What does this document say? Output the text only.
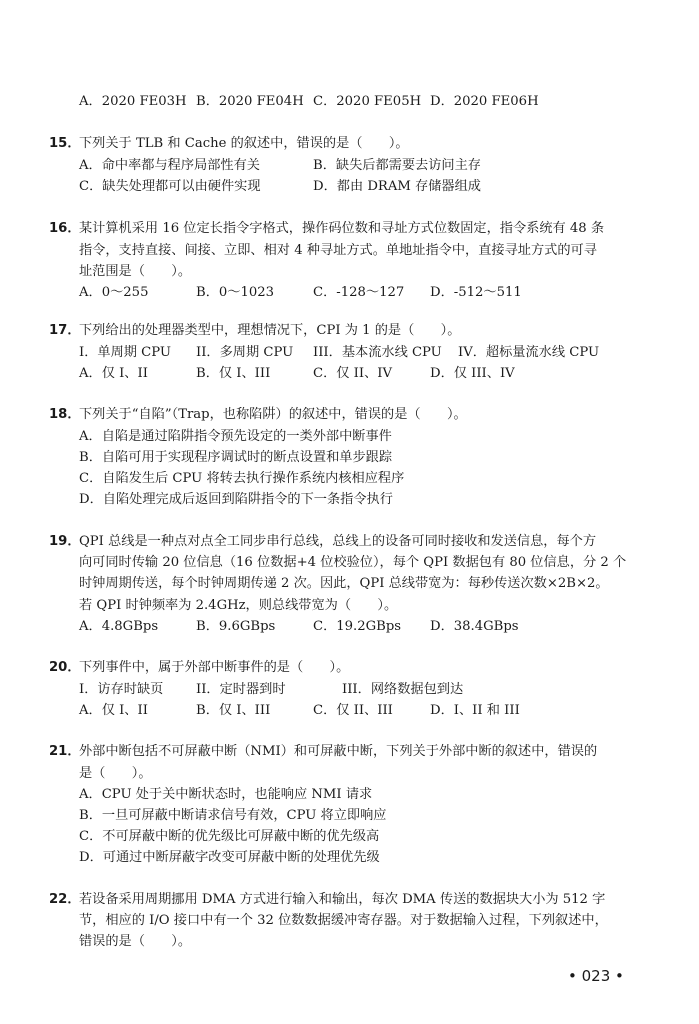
A．2020 FE03H B．2020 FE04H C．2020 FE05H D．2020 FE06H
15．
下列关于 TLB 和 Cache 的叙述中，错误的是（　　）。
A．命中率都与程序局部性有关	B．缺失后都需要去访问主存
C．缺失处理都可以由硬件实现	D．都由 DRAM 存储器组成
16．
某计算机采用 16 位定长指令字格式，操作码位数和寻址方式位数固定，指令系统有 48 条
指令，支持直接、间接、立即、相对 4 种寻址方式。单地址指令中，直接寻址方式的可寻
址范围是（　　）。
A．0～255	B．0～1023	C．-128～127 D．-512～511
17．
下列给出的处理器类型中，理想情况下，CPI 为 1 的是（　　）。
I．单周期 CPU II．多周期 CPU III．基本流水线 CPU IV．超标量流水线 CPU
A．仅 I、II	B．仅 I、III	C．仅 II、IV	D．仅 III、IV
18．
下列关于“自陷”（Trap，也称陷阱）的叙述中，错误的是（　　）。
A．自陷是通过陷阱指令预先设定的一类外部中断事件
B．自陷可用于实现程序调试时的断点设置和单步跟踪
C．自陷发生后 CPU 将转去执行操作系统内核相应程序
D．自陷处理完成后返回到陷阱指令的下一条指令执行
19．
QPI 总线是一种点对点全工同步串行总线，总线上的设备可同时接收和发送信息，每个方
向可同时传输 20 位信息（16 位数据+4 位校验位），每个 QPI 数据包有 80 位信息，分 2 个
时钟周期传送，每个时钟周期传递 2 次。因此，QPI 总线带宽为：每秒传送次数×2B×2。
若 QPI 时钟频率为 2.4GHz，则总线带宽为（　　）。
A．4.8GBps	B．9.6GBps	C．19.2GBps D．38.4GBps
20．
下列事件中，属于外部中断事件的是（　　）。
I．访存时缺页 II．定时器到时	III．网络数据包到达
A．仅 I、II	B．仅 I、III	C．仅 II、III	D．I、II 和 III
21．
外部中断包括不可屏蔽中断（NMI）和可屏蔽中断，下列关于外部中断的叙述中，错误的
是（　　）。
A．CPU 处于关中断状态时，也能响应 NMI 请求
B．一旦可屏蔽中断请求信号有效，CPU 将立即响应
C．不可屏蔽中断的优先级比可屏蔽中断的优先级高
D．可通过中断屏蔽字改变可屏蔽中断的处理优先级
22．
若设备采用周期挪用 DMA 方式进行输入和输出，每次 DMA 传送的数据块大小为 512 字
节，相应的 I/O 接口中有一个 32 位数数据缓冲寄存器。对于数据输入过程，下列叙述中，
错误的是（　　）。
• 023 •
